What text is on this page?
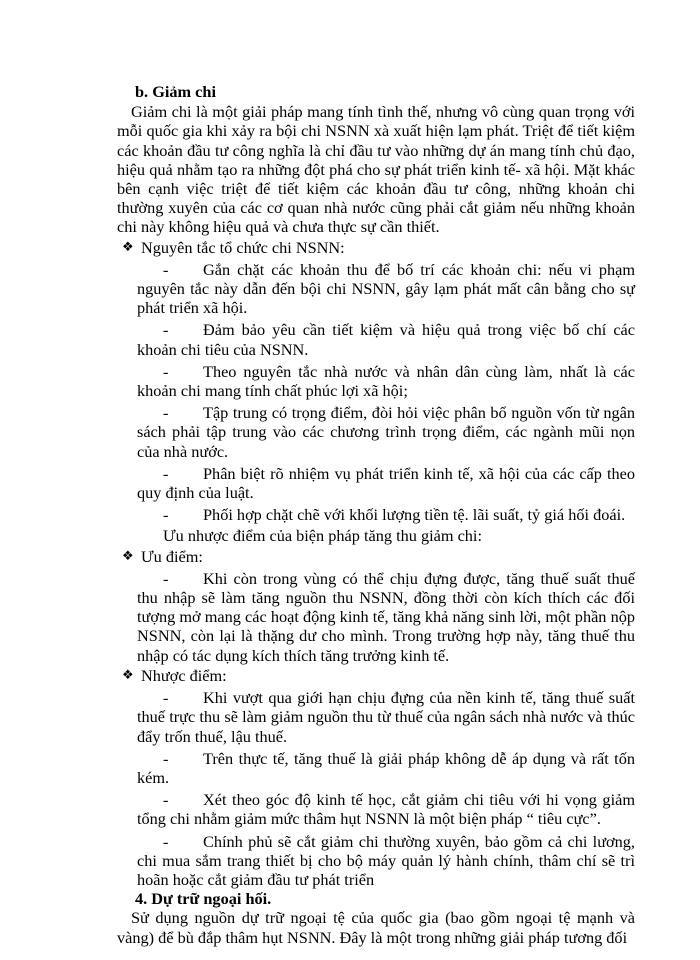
b. Giảm chi

Giảm chi là một giải pháp mang tính tình thế, nhưng vô cùng quan trọng với mỗi quốc gia khi xảy ra bội chi NSNN xà xuất hiện lạm phát. Triệt để tiết kiệm các khoản đầu tư công nghĩa là chỉ đầu tư vào những dự án mang tính chủ đạo, hiệu quả nhằm tạo ra những đột phá cho sự phát triển kinh tế- xã hội. Mặt khác bên cạnh việc triệt để tiết kiệm các khoản đầu tư công, những khoản chi thường xuyên của các cơ quan nhà nước cũng phải cắt giảm nếu những khoản chi này không hiệu quả và chưa thực sự cần thiết.

❖ Nguyên tắc tổ chức chi NSNN:
-	Gắn chặt các khoản thu để bố trí các khoản chi: nếu vi phạm nguyên tắc này dẫn đến bội chi NSNN, gây lạm phát mất cân bằng cho sự phát triển xã hội.
-	Đảm bảo yêu cần tiết kiệm và hiệu quả trong việc bố chí các khoản chi tiêu của NSNN.
-	Theo nguyên tắc nhà nước và nhân dân cùng làm, nhất là các khoản chi mang tính chất phúc lợi xã hội;
-	Tập trung có trọng điểm, đòi hỏi việc phân bổ nguồn vốn từ ngân sách phải tập trung vào các chương trình trọng điểm, các ngành mũi nọn của nhà nước.
-	Phân biệt rõ nhiệm vụ phát triển kinh tế, xã hội của các cấp theo quy định của luật.
-	Phối hợp chặt chẽ với khối lượng tiền tệ. lãi suất, tỷ giá hối đoái.

Ưu nhược điểm của biện pháp tăng thu giảm chi:

❖ Ưu điểm:
-	Khi còn trong vùng có thể chịu đựng được, tăng thuế suất thuế thu nhập sẽ làm tăng nguồn thu NSNN, đồng thời còn kích thích các đối tượng mở mang các hoạt động kinh tế, tăng khả năng sinh lời, một phần nộp NSNN, còn lại là thặng dư cho mình. Trong trường hợp này, tăng thuế thu nhập có tác dụng kích thích tăng trưởng kinh tế.
❖ Nhược điểm:
-	Khi vượt qua giới hạn chịu đựng của nền kinh tế, tăng thuế suất thuế trực thu sẽ làm giảm nguồn thu từ thuế của ngân sách nhà nước và thúc đẩy trốn thuế, lậu thuế.
-	Trên thực tế, tăng thuế là giải pháp không dễ áp dụng và rất tốn kém.
-	Xét theo góc độ kinh tế học, cắt giảm chi tiêu với hi vọng giảm tổng chi nhằm giảm mức thâm hụt NSNN là một biện pháp “ tiêu cực”.
-	Chính phủ sẽ cắt giảm chi thường xuyên, bảo gồm cả chi lương, chi mua sắm trang thiết bị cho bộ máy quản lý hành chính, thâm chí sẽ trì hoãn hoặc cắt giảm đầu tư phát triển

4. Dự trữ ngoại hối.

Sử dụng nguồn dự trữ ngoại tệ của quốc gia (bao gồm ngoại tệ mạnh và vàng) để bù đắp thâm hụt NSNN. Đây là một trong những giải pháp tương đối
